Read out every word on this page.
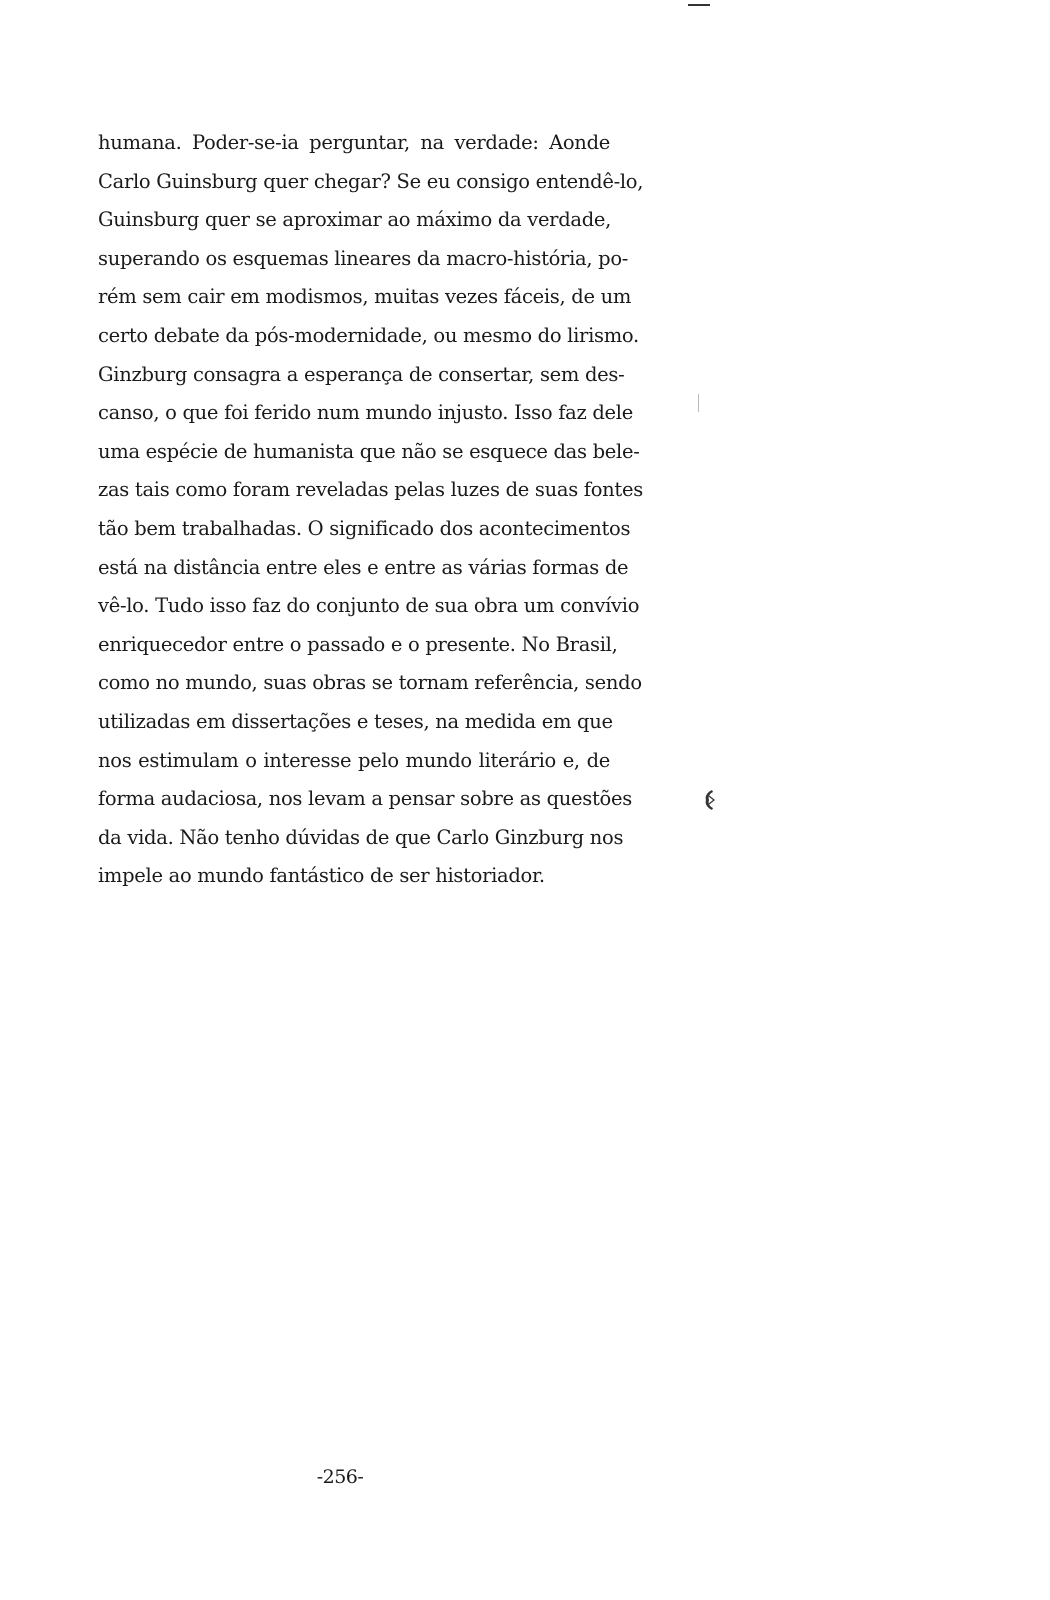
humana. Poder-se-ia perguntar, na verdade: Aonde
Carlo Guinsburg quer chegar? Se eu consigo entendê-lo,
Guinsburg quer se aproximar ao máximo da verdade,
superando os esquemas lineares da macro-história, po-
rém sem cair em modismos, muitas vezes fáceis, de um
certo debate da pós-modernidade, ou mesmo do lirismo.
Ginzburg consagra a esperança de consertar, sem des-
canso, o que foi ferido num mundo injusto. Isso faz dele
uma espécie de humanista que não se esquece das bele-
zas tais como foram reveladas pelas luzes de suas fontes
tão bem trabalhadas. O significado dos acontecimentos
está na distância entre eles e entre as várias formas de
vê-lo. Tudo isso faz do conjunto de sua obra um convívio
enriquecedor entre o passado e o presente. No Brasil,
como no mundo, suas obras se tornam referência, sendo
utilizadas em dissertações e teses, na medida em que
nos estimulam o interesse pelo mundo literário e, de
forma audaciosa, nos levam a pensar sobre as questões
da vida. Não tenho dúvidas de que Carlo Ginzburg nos
impele ao mundo fantástico de ser historiador.
-256-
